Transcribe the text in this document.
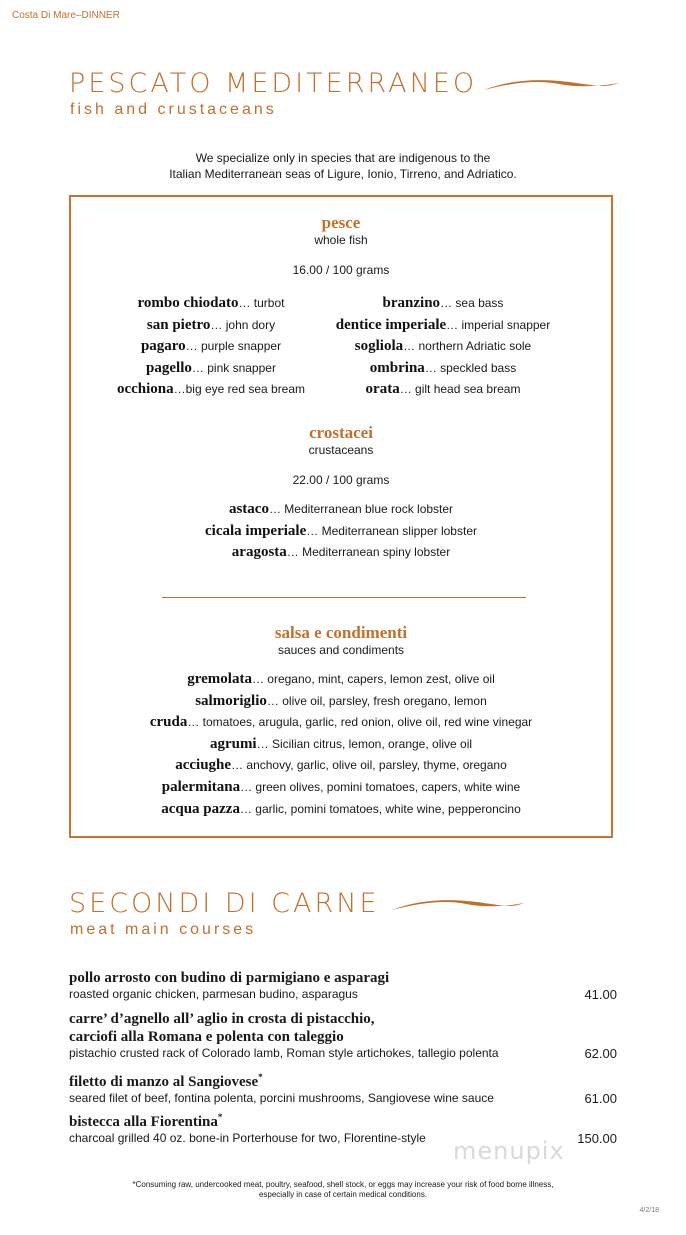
Costa Di Mare–DINNER
PESCATO MEDITERRANEO
fish and crustaceans
We specialize only in species that are indigenous to the
Italian Mediterranean seas of Ligure, Ionio, Tirreno, and Adriatico.
pesce
whole fish
16.00 / 100 grams
rombo chiodato… turbot
san pietro… john dory
pagaro… purple snapper
pagello… pink snapper
occhiona…big eye red sea bream
branzino… sea bass
dentice imperiale… imperial snapper
sogliola… northern Adriatic sole
ombrina… speckled bass
orata… gilt head sea bream
crostacei
crustaceans
22.00 / 100 grams
astaco… Mediterranean blue rock lobster
cicala imperiale… Mediterranean slipper lobster
aragosta… Mediterranean spiny lobster
salsa e condimenti
sauces and condiments
gremolata… oregano, mint, capers, lemon zest, olive oil
salmoriglio… olive oil, parsley, fresh oregano, lemon
cruda… tomatoes, arugula, garlic, red onion, olive oil, red wine vinegar
agrumi… Sicilian citrus, lemon, orange, olive oil
acciughe… anchovy, garlic, olive oil, parsley, thyme, oregano
palermitana… green olives, pomini tomatoes, capers, white wine
acqua pazza… garlic, pomini tomatoes, white wine, pepperoncino
SECONDI DI CARNE
meat main courses
pollo arrosto con budino di parmigiano e asparagi
roasted organic chicken, parmesan budino, asparagus	41.00
carre’ d’agnello all’ aglio in crosta di pistacchio,
carciofi alla Romana e polenta con taleggio
pistachio crusted rack of Colorado lamb, Roman style artichokes, tallegio polenta	62.00
filetto di manzo al Sangiovese*
seared filet of beef, fontina polenta, porcini mushrooms, Sangiovese wine sauce	61.00
bistecca alla Fiorentina*
charcoal grilled 40 oz. bone-in Porterhouse for two, Florentine-style	150.00
menupix
*Consuming raw, undercooked meat, poultry, seafood, shell stock, or eggs may increase your risk of food borne illness,
especially in case of certain medical conditions.
4/2/18
